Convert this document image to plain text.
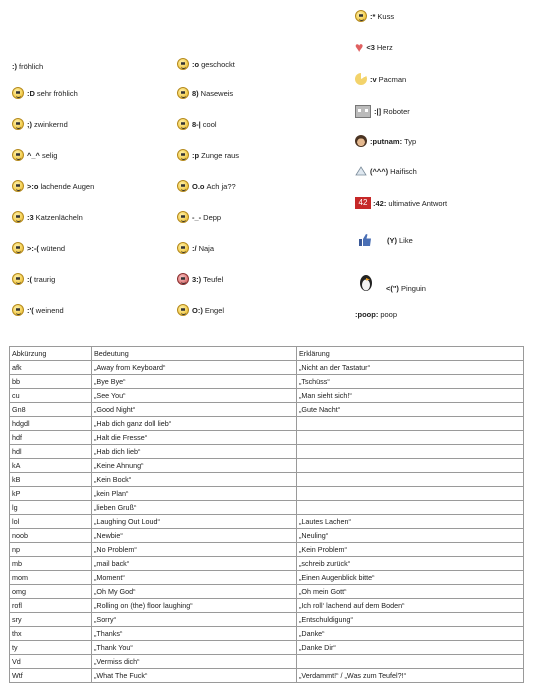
:) fröhlich
:D sehr fröhlich
;) zwinkernd
^_^ selig
>:o lachende Augen
:3 Katzenlächeln
>:-( wütend
:( traurig
:'( weinend
:o geschockt
8) Naseweis
8-| cool
:p Zunge raus
O.o Ach ja??
-_- Depp
:/ Naja
3:) Teufel
O:) Engel
:* Kuss
♥ <3 Herz
:v Pacman
:|] Roboter
:putnam: Typ
(^^^) Haifisch
42 :42: ultimative Antwort
(Y) Like
<(") Pinguin
:poop: poop
Abkürzung	Bedeutung	Erklärung
afk	„Away from Keyboard“	„Nicht an der Tastatur“
bb	„Bye Bye“	„Tschüss“
cu	„See You“	„Man sieht sich!“
Gn8	„Good Night“	„Gute Nacht“
hdgdl	„Hab dich ganz doll lieb“	
hdf	„Halt die Fresse“	
hdl	„Hab dich lieb“	
kA	„Keine Ahnung“	
kB	„Kein Bock“	
kP	„kein Plan“	
lg	„lieben Gruß“	
lol	„Laughing Out Loud“	„Lautes Lachen“
noob	„Newbie“	„Neuling“
np	„No Problem“	„Kein Problem“
mb	„mail back“	„schreib zurück“
mom	„Moment“	„Einen Augenblick bitte“
omg	„Oh My God“	„Oh mein Gott“
rofl	„Rolling on (the) floor laughing“	„Ich roll‘ lachend auf dem Boden“
sry	„Sorry“	„Entschuldigung“
thx	„Thanks“	„Danke“
ty	„Thank You“	„Danke Dir“
Vd	„Vermiss dich“	
Wtf	„What The Fuck“	„Verdammt!“ / „Was zum Teufel?!“
